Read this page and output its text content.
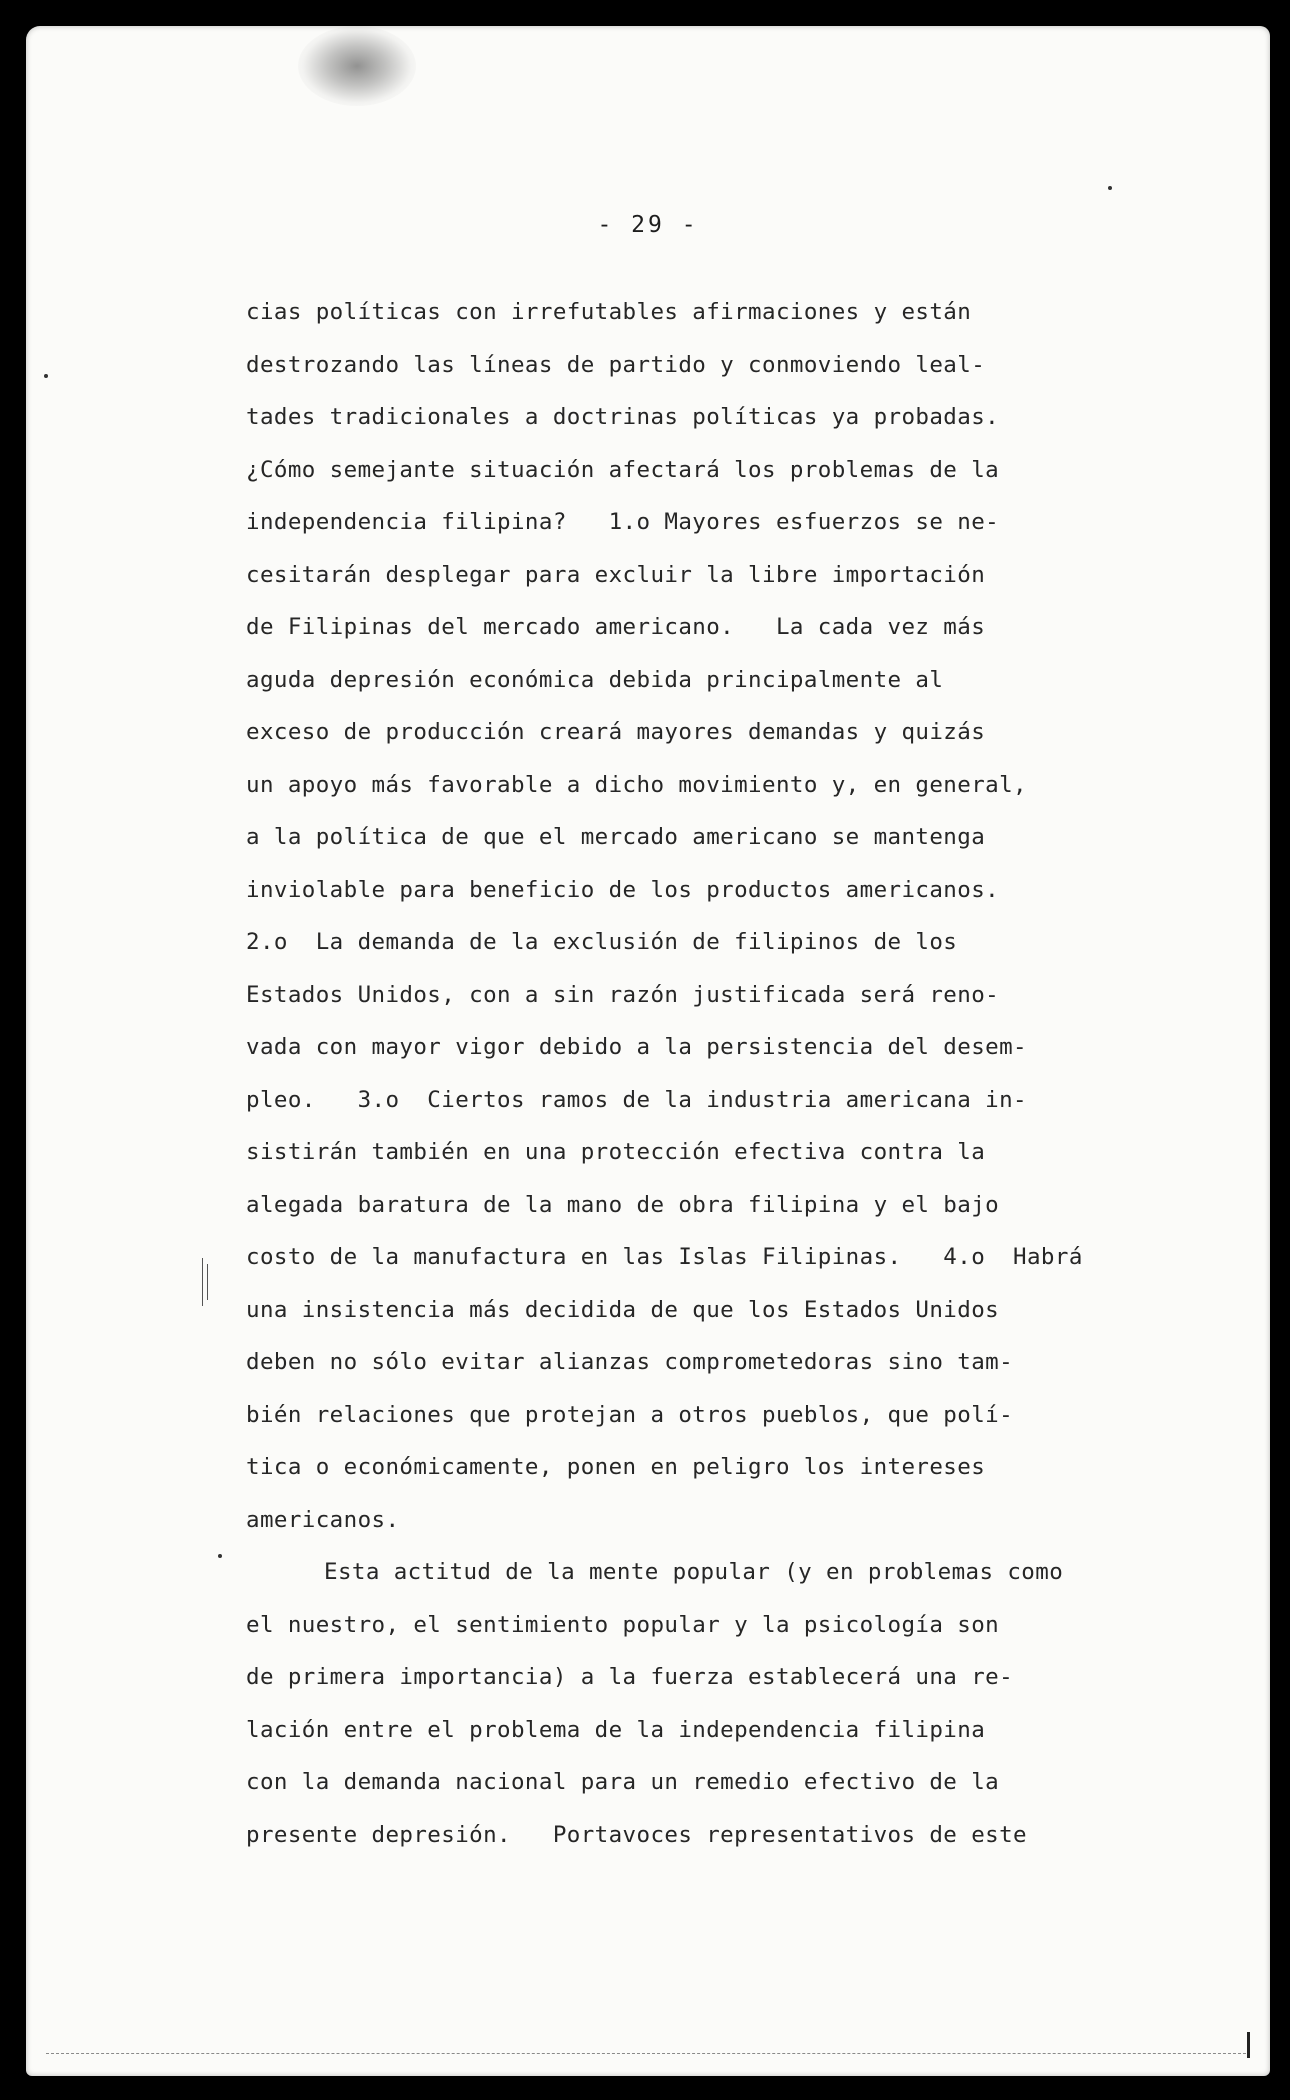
- 29 -
cias políticas con irrefutables afirmaciones y están
destrozando las líneas de partido y conmoviendo leal-
tades tradicionales a doctrinas políticas ya probadas.
¿Cómo semejante situación afectará los problemas de la
independencia filipina?   1.o Mayores esfuerzos se ne-
cesitarán desplegar para excluir la libre importación
de Filipinas del mercado americano.   La cada vez más
aguda depresión económica debida principalmente al
exceso de producción creará mayores demandas y quizás
un apoyo más favorable a dicho movimiento y, en general,
a la política de que el mercado americano se mantenga
inviolable para beneficio de los productos americanos.
2.o  La demanda de la exclusión de filipinos de los
Estados Unidos, con a sin razón justificada será reno-
vada con mayor vigor debido a la persistencia del desem-
pleo.   3.o  Ciertos ramos de la industria americana in-
sistirán también en una protección efectiva contra la
alegada baratura de la mano de obra filipina y el bajo
costo de la manufactura en las Islas Filipinas.   4.o  Habrá
una insistencia más decidida de que los Estados Unidos
deben no sólo evitar alianzas comprometedoras sino tam-
bién relaciones que protejan a otros pueblos, que polí-
tica o económicamente, ponen en peligro los intereses
americanos.
Esta actitud de la mente popular (y en problemas como
el nuestro, el sentimiento popular y la psicología son
de primera importancia) a la fuerza establecerá una re-
lación entre el problema de la independencia filipina
con la demanda nacional para un remedio efectivo de la
presente depresión.   Portavoces representativos de este
